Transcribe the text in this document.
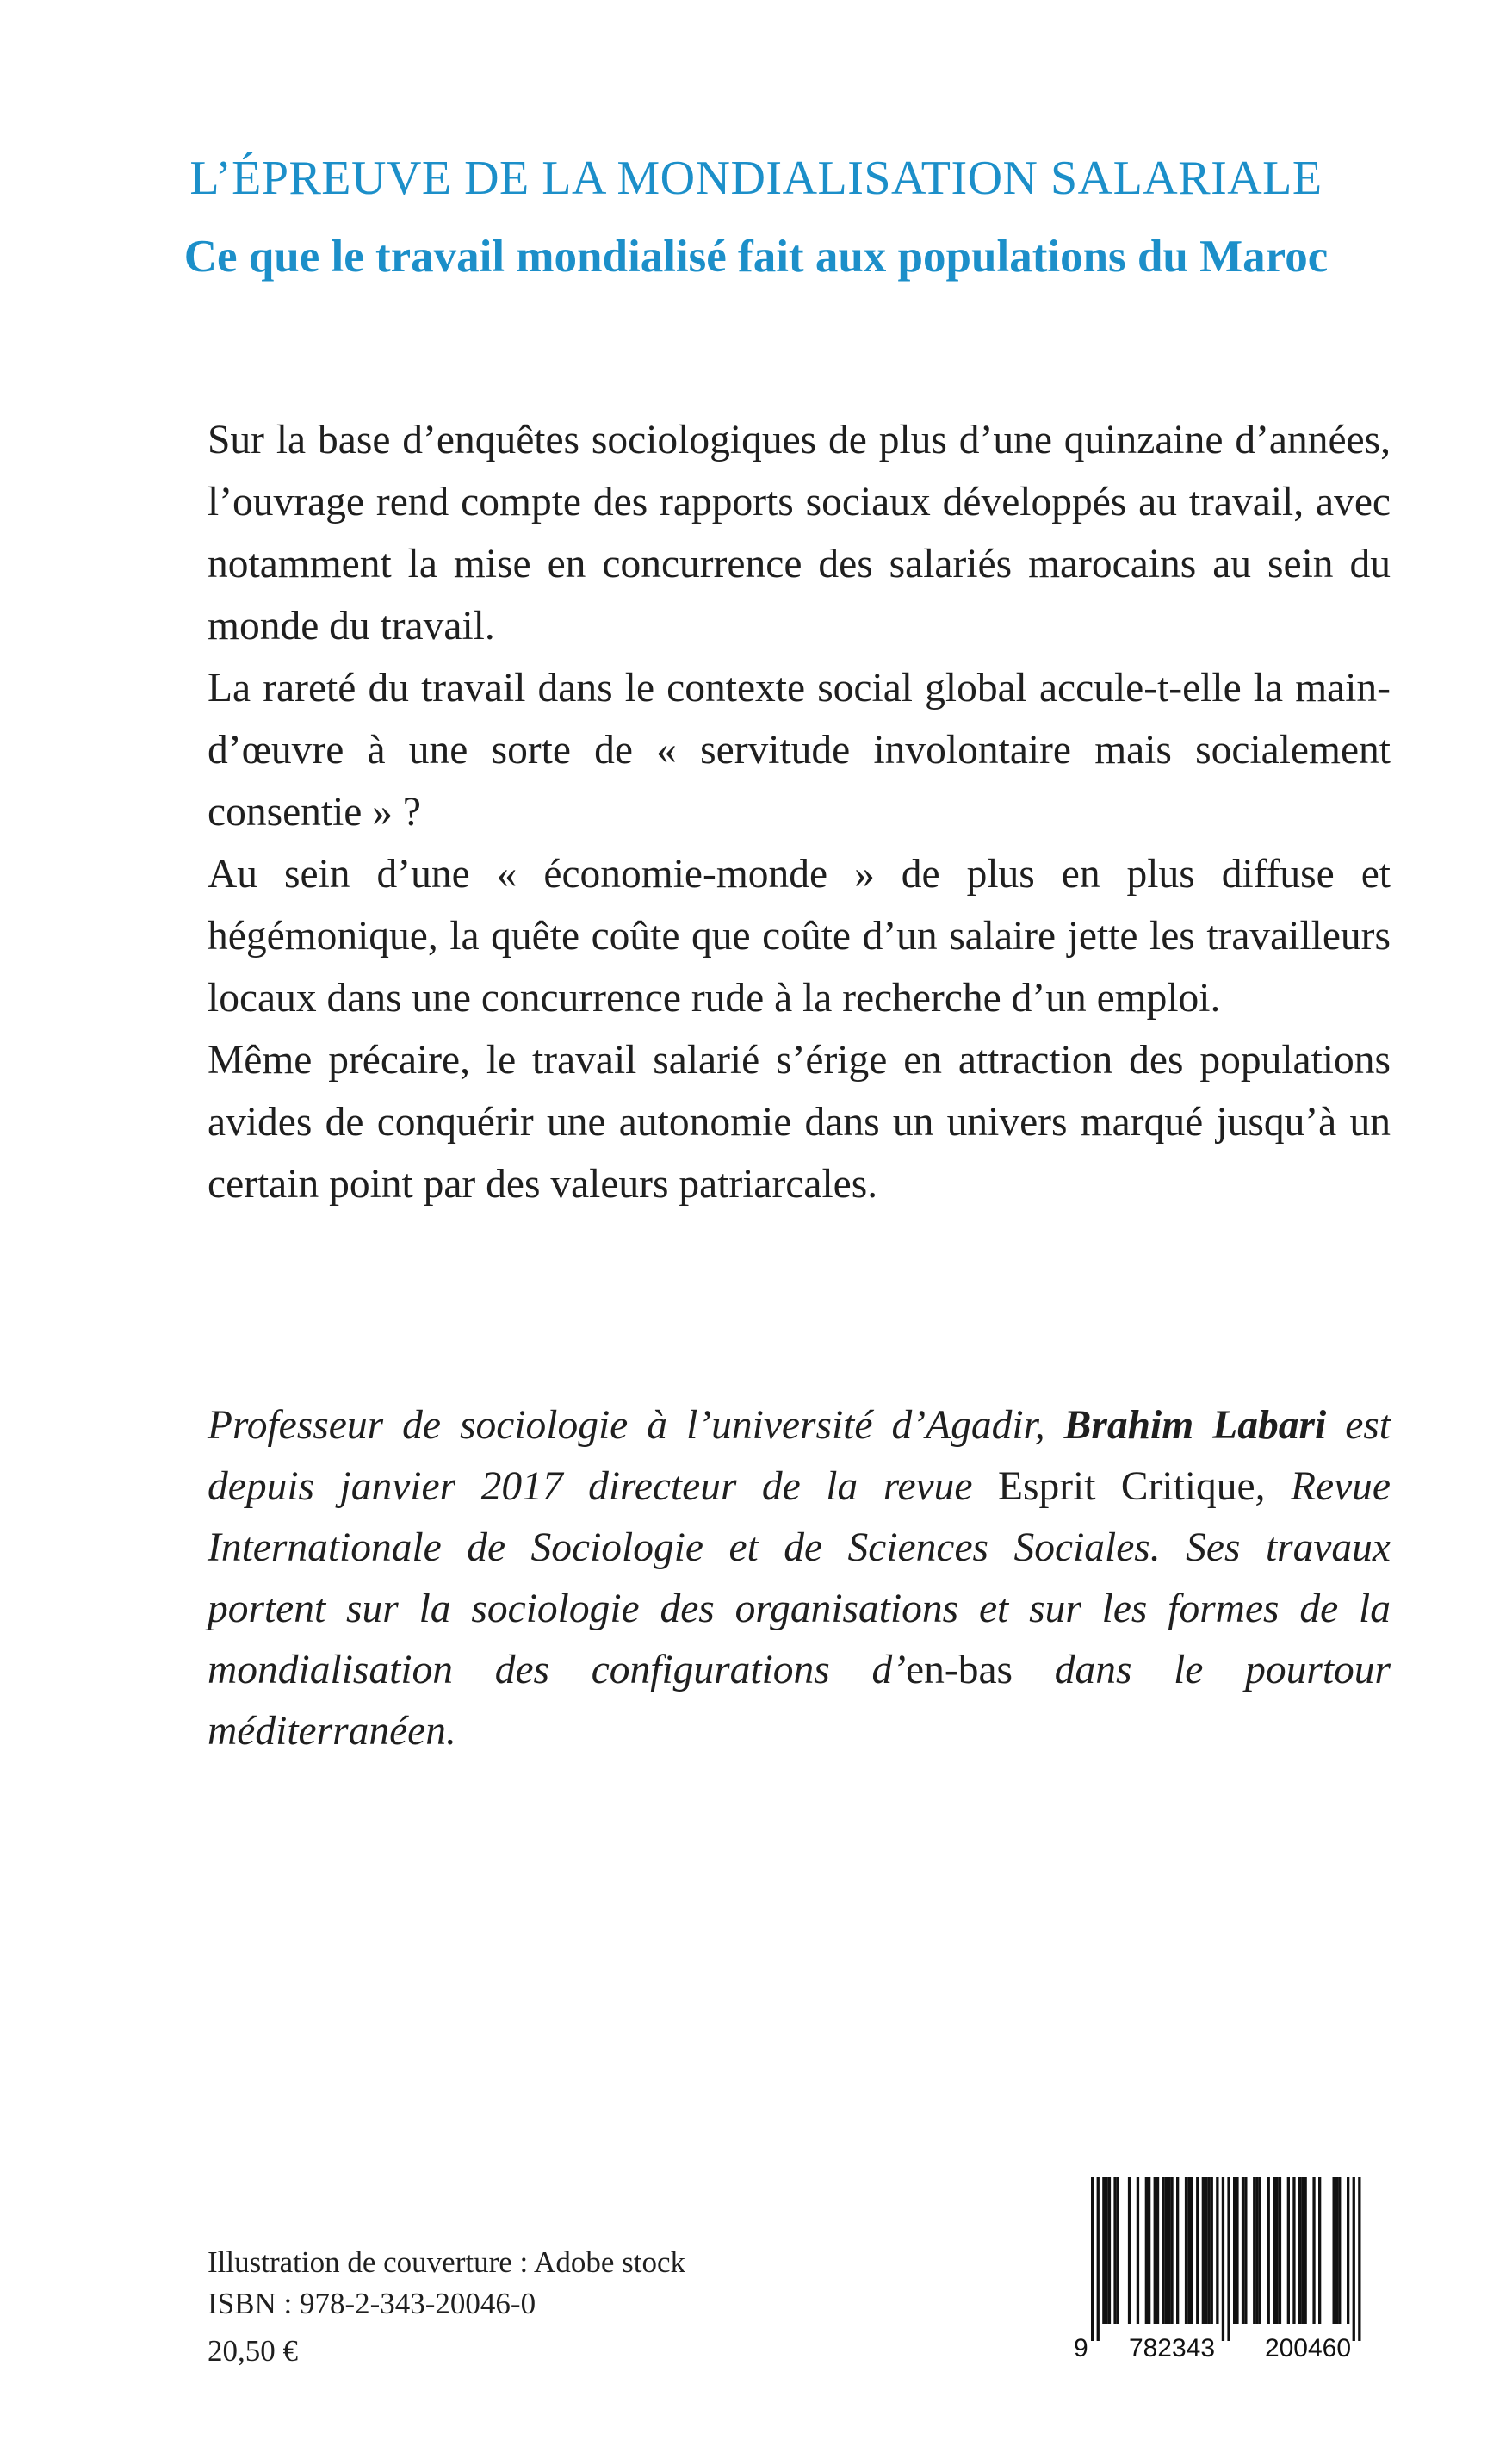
L’ÉPREUVE DE LA MONDIALISATION SALARIALE
Ce que le travail mondialisé fait aux populations du Maroc

Sur la base d’enquêtes sociologiques de plus d’une quinzaine d’années, l’ouvrage rend compte des rapports sociaux développés au travail, avec notamment la mise en concurrence des salariés marocains au sein du monde du travail.

La rareté du travail dans le contexte social global accule-t-elle la main-d’œuvre à une sorte de « servitude involontaire mais socialement consentie » ?

Au sein d’une « économie-monde » de plus en plus diffuse et hégémonique, la quête coûte que coûte d’un salaire jette les travailleurs locaux dans une concurrence rude à la recherche d’un emploi.

Même précaire, le travail salarié s’érige en attraction des populations avides de conquérir une autonomie dans un univers marqué jusqu’à un certain point par des valeurs patriarcales.

Professeur de sociologie à l’université d’Agadir, Brahim Labari est depuis janvier 2017 directeur de la revue Esprit Critique, Revue Internationale de Sociologie et de Sciences Sociales. Ses travaux portent sur la sociologie des organisations et sur les formes de la mondialisation des configurations d’en-bas dans le pourtour méditerranéen.

Illustration de couverture : Adobe stock

ISBN : 978-2-343-20046-0

20,50 €	9 782343 200460
